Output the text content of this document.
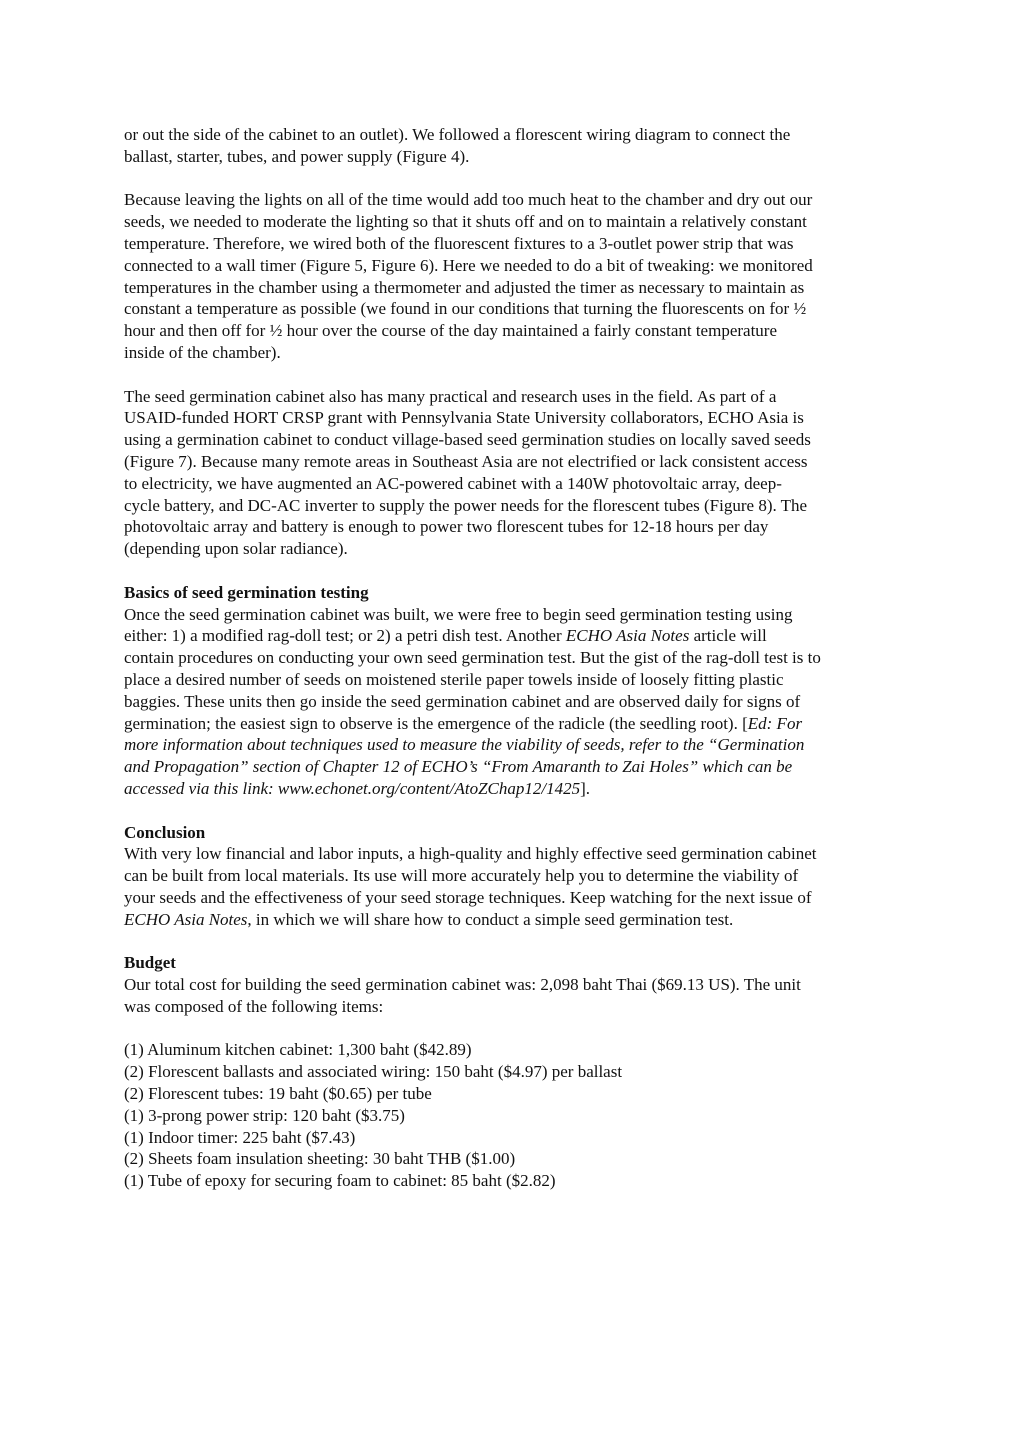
or out the side of the cabinet to an outlet). We followed a florescent wiring diagram to connect the
ballast, starter, tubes, and power supply (Figure 4).

Because leaving the lights on all of the time would add too much heat to the chamber and dry out our
seeds, we needed to moderate the lighting so that it shuts off and on to maintain a relatively constant
temperature. Therefore, we wired both of the fluorescent fixtures to a 3-outlet power strip that was
connected to a wall timer (Figure 5, Figure 6). Here we needed to do a bit of tweaking: we monitored
temperatures in the chamber using a thermometer and adjusted the timer as necessary to maintain as
constant a temperature as possible (we found in our conditions that turning the fluorescents on for ½
hour and then off for ½ hour over the course of the day maintained a fairly constant temperature
inside of the chamber).

The seed germination cabinet also has many practical and research uses in the field. As part of a
USAID-funded HORT CRSP grant with Pennsylvania State University collaborators, ECHO Asia is
using a germination cabinet to conduct village-based seed germination studies on locally saved seeds
(Figure 7). Because many remote areas in Southeast Asia are not electrified or lack consistent access
to electricity, we have augmented an AC-powered cabinet with a 140W photovoltaic array, deep-
cycle battery, and DC-AC inverter to supply the power needs for the florescent tubes (Figure 8). The
photovoltaic array and battery is enough to power two florescent tubes for 12-18 hours per day
(depending upon solar radiance).

Basics of seed germination testing
Once the seed germination cabinet was built, we were free to begin seed germination testing using
either: 1) a modified rag-doll test; or 2) a petri dish test. Another ECHO Asia Notes article will
contain procedures on conducting your own seed germination test. But the gist of the rag-doll test is to
place a desired number of seeds on moistened sterile paper towels inside of loosely fitting plastic
baggies. These units then go inside the seed germination cabinet and are observed daily for signs of
germination; the easiest sign to observe is the emergence of the radicle (the seedling root). [Ed: For
more information about techniques used to measure the viability of seeds, refer to the “Germination
and Propagation” section of Chapter 12 of ECHO’s “From Amaranth to Zai Holes” which can be
accessed via this link: www.echonet.org/content/AtoZChap12/1425].

Conclusion
With very low financial and labor inputs, a high-quality and highly effective seed germination cabinet
can be built from local materials. Its use will more accurately help you to determine the viability of
your seeds and the effectiveness of your seed storage techniques. Keep watching for the next issue of
ECHO Asia Notes, in which we will share how to conduct a simple seed germination test.

Budget
Our total cost for building the seed germination cabinet was: 2,098 baht Thai ($69.13 US). The unit
was composed of the following items:

(1) Aluminum kitchen cabinet: 1,300 baht ($42.89)
(2) Florescent ballasts and associated wiring: 150 baht ($4.97) per ballast
(2) Florescent tubes: 19 baht ($0.65) per tube
(1) 3-prong power strip: 120 baht ($3.75)
(1) Indoor timer: 225 baht ($7.43)
(2) Sheets foam insulation sheeting: 30 baht THB ($1.00)
(1) Tube of epoxy for securing foam to cabinet: 85 baht ($2.82)
